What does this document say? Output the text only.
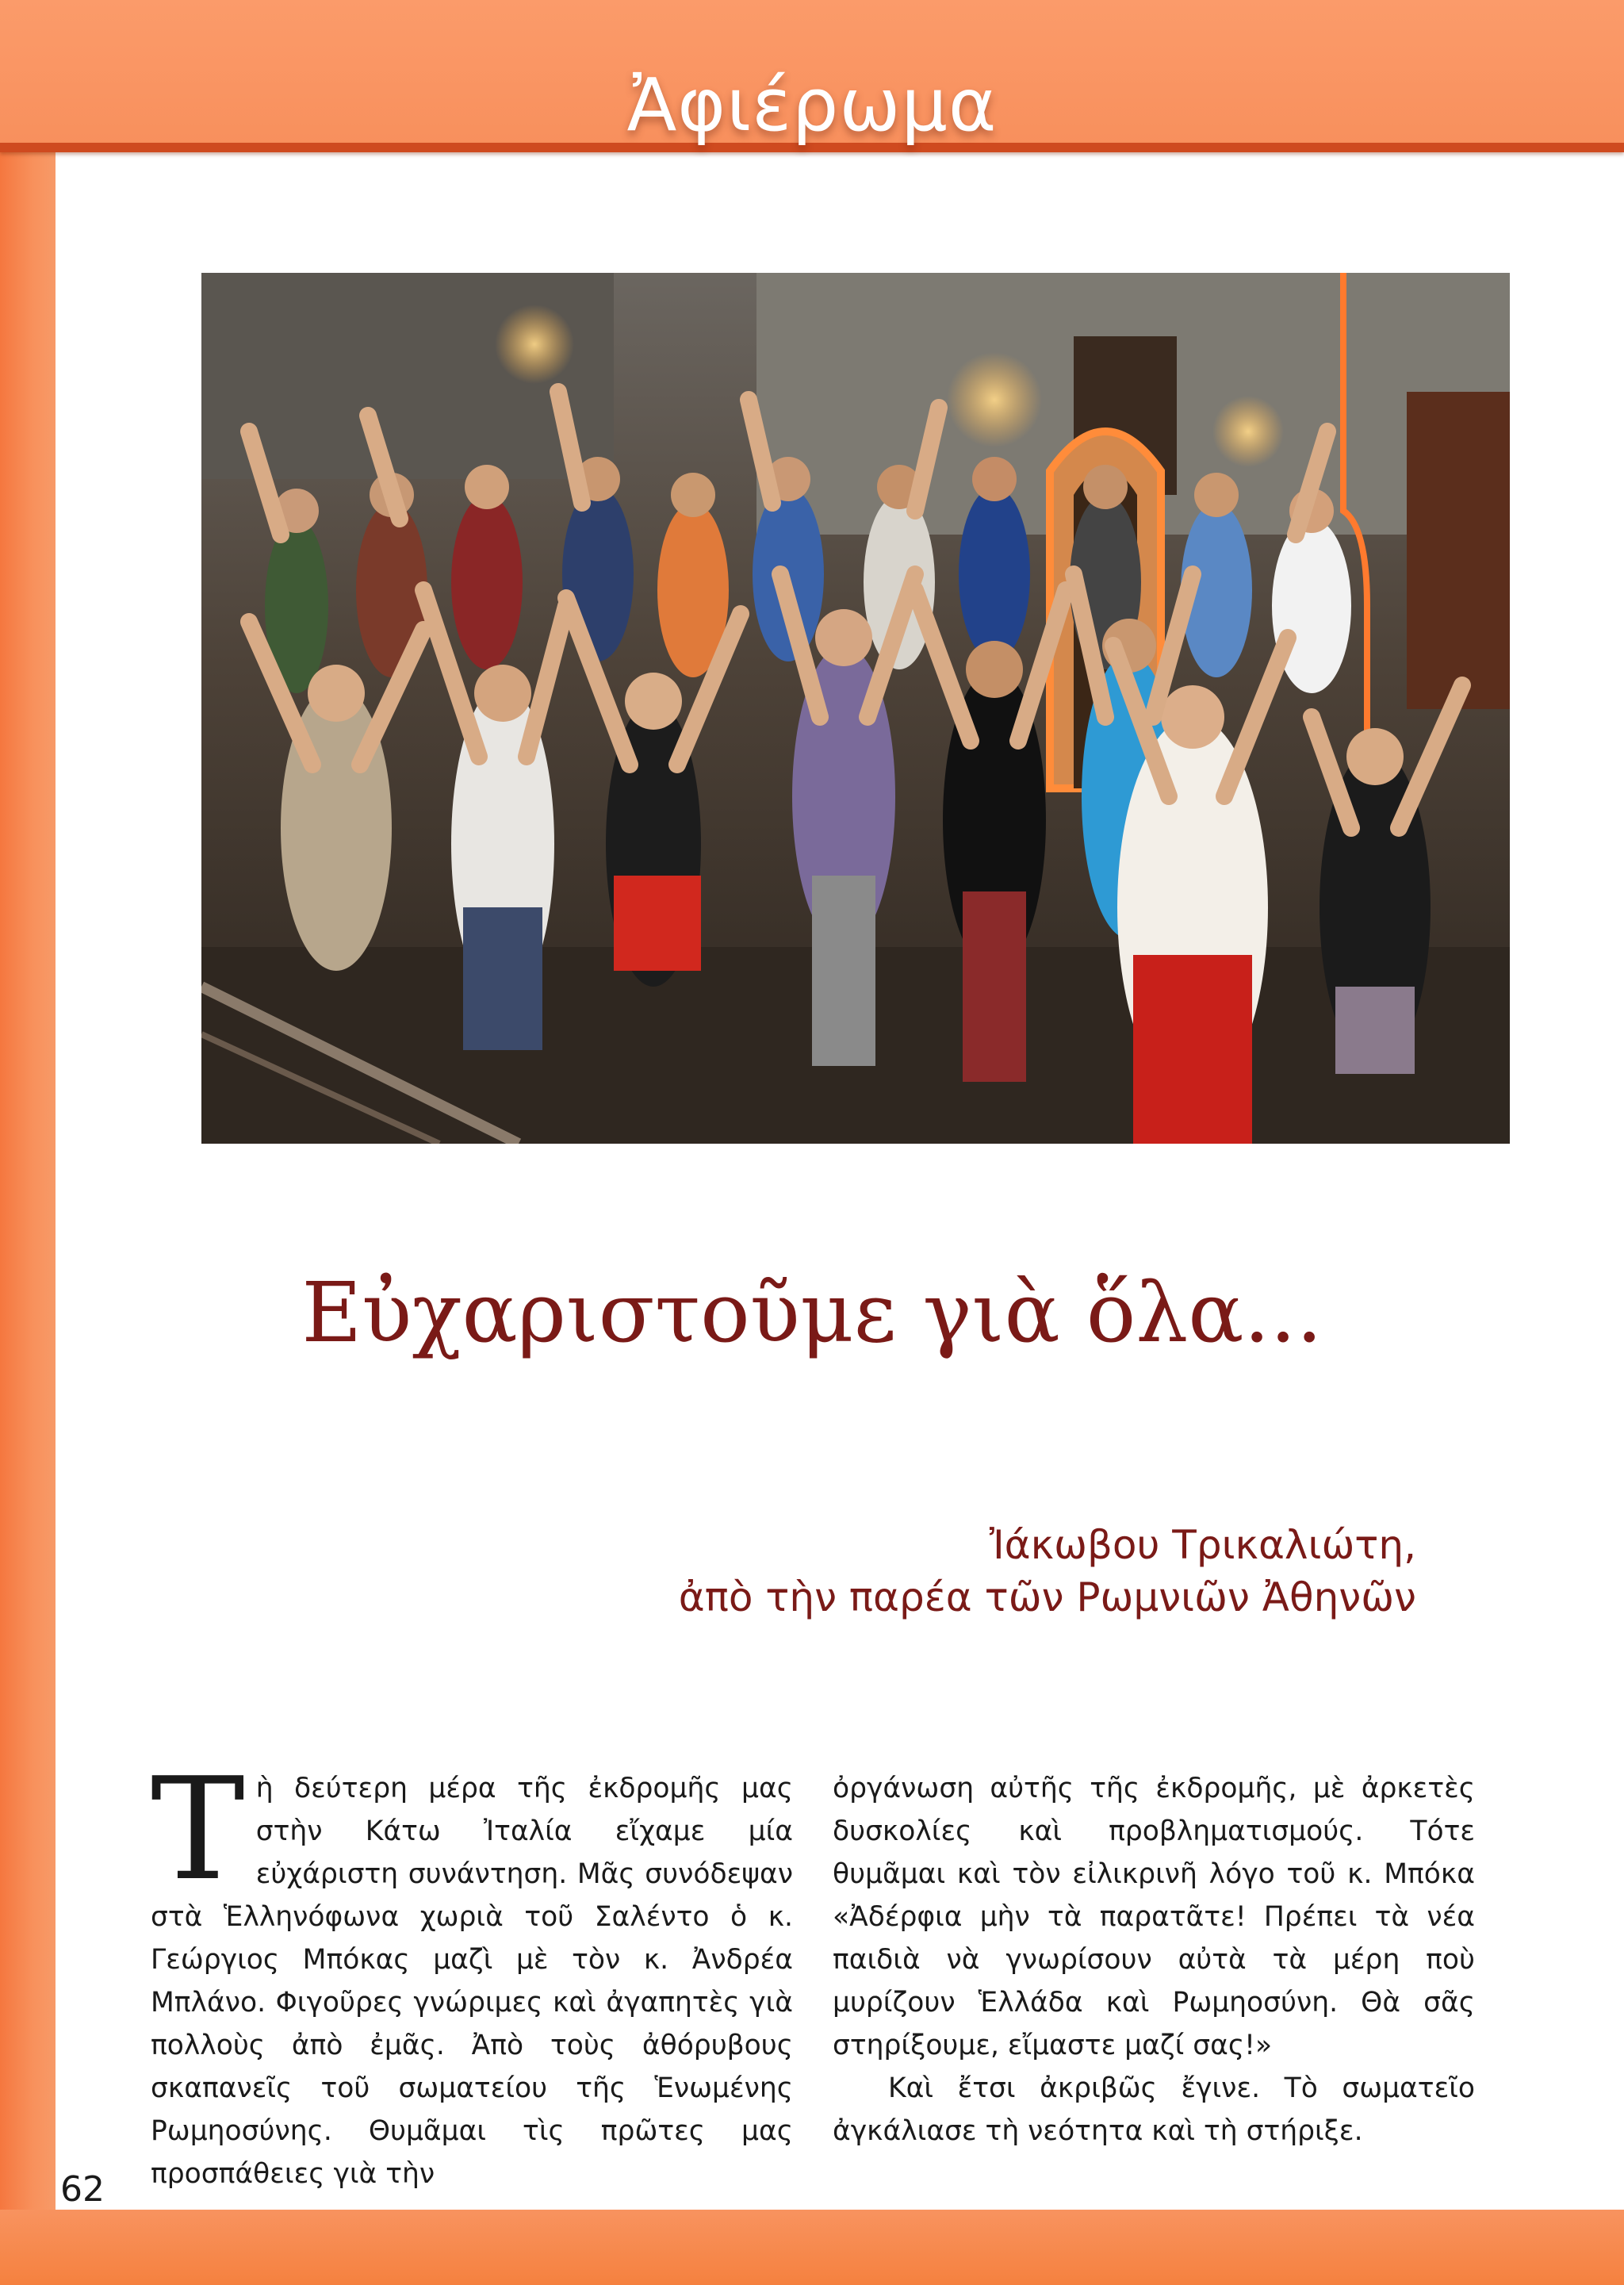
Ἀφιέρωμα
Εὐχαριστοῦμε γιὰ ὅλα...
Ἰάκωβου Τρικαλιώτη,
ἀπὸ τὴν παρέα τῶν Ρωμνιῶν Ἀθηνῶν
Τ ὴ δεύτερη μέρα τῆς ἐκδρομῆς μας στὴν Κάτω Ἰταλία εἴχαμε μία εὐχάριστη συνάντηση. Μᾶς συνόδεψαν στὰ Ἑλληνόφωνα χωριὰ τοῦ Σαλέντο ὁ κ. Γεώργιος Μπόκας μαζὶ μὲ τὸν κ. Ἀνδρέα Μπλάνο. Φιγοῦρες γνώριμες καὶ ἀγαπητὲς γιὰ πολλοὺς ἀπὸ ἐμᾶς. Ἀπὸ τοὺς ἀθόρυβους σκαπανεῖς τοῦ σωματείου τῆς Ἑνωμένης Ρωμηοσύνης. Θυμᾶμαι τὶς πρῶτες μας προσπάθειες γιὰ τὴν

ὀργάνωση αὐτῆς τῆς ἐκδρομῆς, μὲ ἀρκετὲς δυσκολίες καὶ προβληματισμούς. Τότε θυμᾶμαι καὶ τὸν εἰλικρινῆ λόγο τοῦ κ. Μπόκα «Ἀδέρφια μὴν τὰ παρατᾶτε! Πρέπει τὰ νέα παιδιὰ νὰ γνωρίσουν αὐτὰ τὰ μέρη ποὺ μυρίζουν Ἑλλάδα καὶ Ρωμηοσύνη. Θὰ σᾶς στηρίξουμε, εἴμαστε μαζί σας!»

Καὶ ἔτσι ἀκριβῶς ἔγινε. Τὸ σωματεῖο ἀγκάλιασε τὴ νεότητα καὶ τὴ στήριξε.

62
